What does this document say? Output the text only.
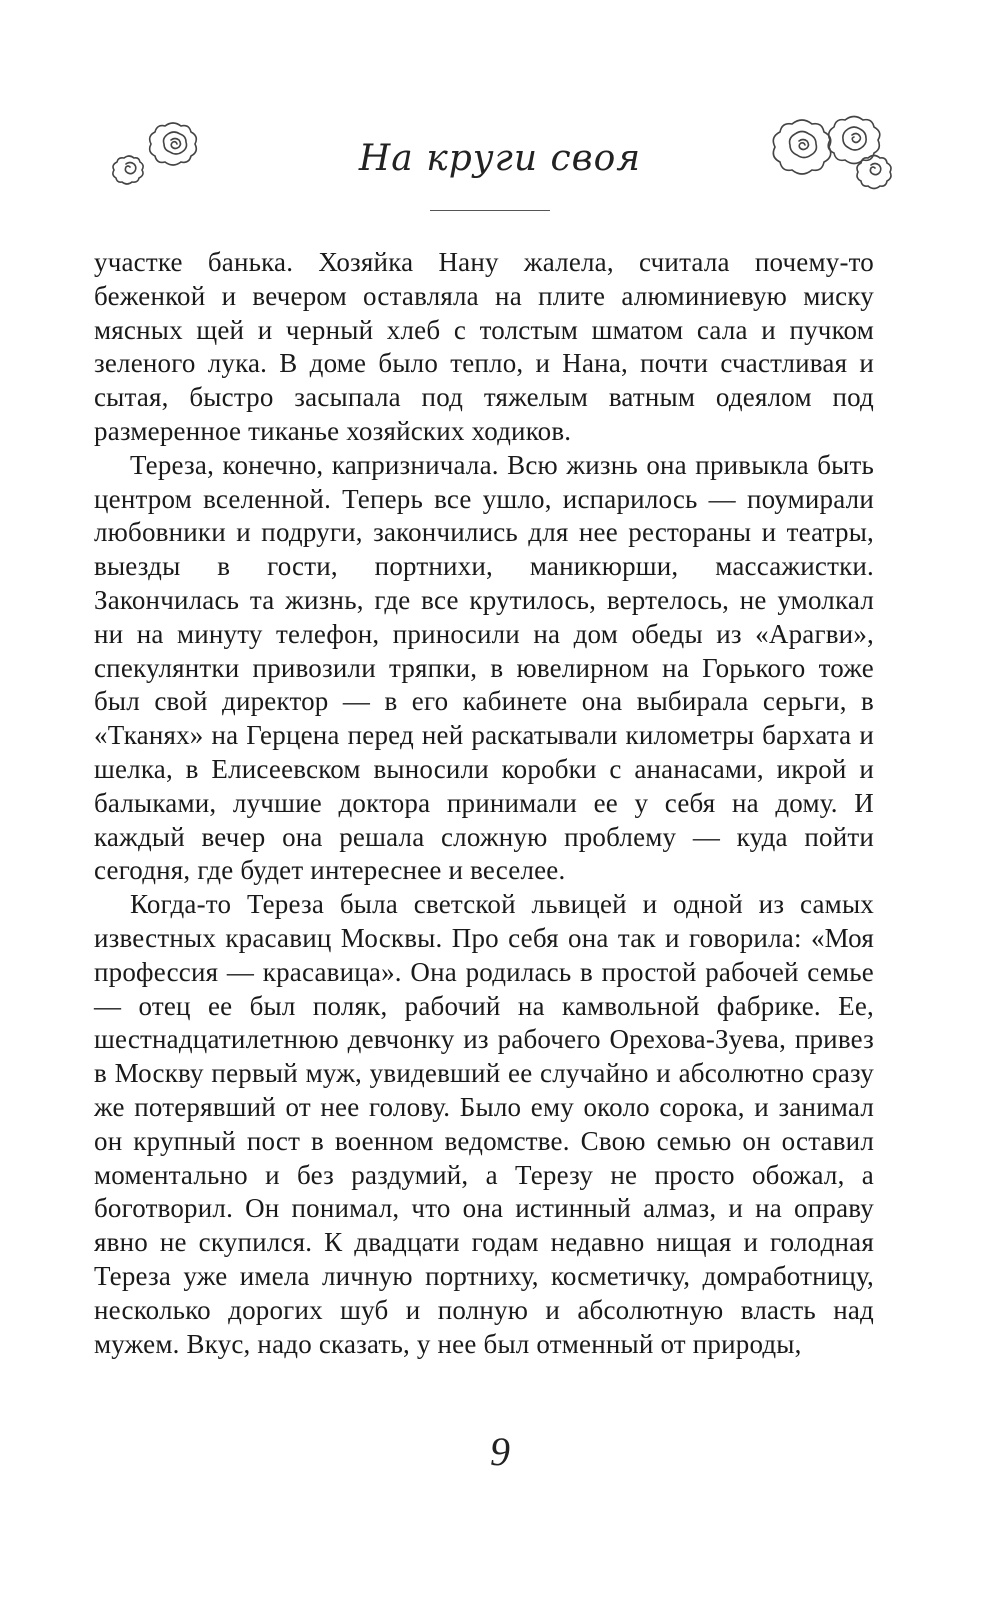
На круги своя

участке банька. Хозяйка Нану жалела, считала почему-то беженкой и вечером оставляла на плите алюминиевую миску мясных щей и черный хлеб с толстым шматом сала и пучком зеленого лука. В доме было тепло, и Нана, почти счастливая и сытая, быстро засыпала под тяжелым ватным одеялом под размеренное тиканье хозяйских ходиков.

Тереза, конечно, капризничала. Всю жизнь она привыкла быть центром вселенной. Теперь все ушло, испарилось — поумирали любовники и подруги, закончились для нее рестораны и театры, выезды в гости, портнихи, маникюрши, массажистки. Закончилась та жизнь, где все крутилось, вертелось, не умолкал ни на минуту телефон, приносили на дом обеды из «Арагви», спекулянтки привозили тряпки, в ювелирном на Горького тоже был свой директор — в его кабинете она выбирала серьги, в «Тканях» на Герцена перед ней раскатывали километры бархата и шелка, в Елисеевском выносили коробки с ананасами, икрой и балыками, лучшие доктора принимали ее у себя на дому. И каждый вечер она решала сложную проблему — куда пойти сегодня, где будет интереснее и веселее.

Когда-то Тереза была светской львицей и одной из самых известных красавиц Москвы. Про себя она так и говорила: «Моя профессия — красавица». Она родилась в простой рабочей семье — отец ее был поляк, рабочий на камвольной фабрике. Ее, шестнадцатилетнюю девчонку из рабочего Орехова-Зуева, привез в Москву первый муж, увидевший ее случайно и абсолютно сразу же потерявший от нее голову. Было ему около сорока, и занимал он крупный пост в военном ведомстве. Свою семью он оставил моментально и без раздумий, а Терезу не просто обожал, а боготворил. Он понимал, что она истинный алмаз, и на оправу явно не скупился. К двадцати годам недавно нищая и голодная Тереза уже имела личную портниху, косметичку, домработницу, несколько дорогих шуб и полную и абсолютную власть над мужем. Вкус, надо сказать, у нее был отменный от природы,

9
